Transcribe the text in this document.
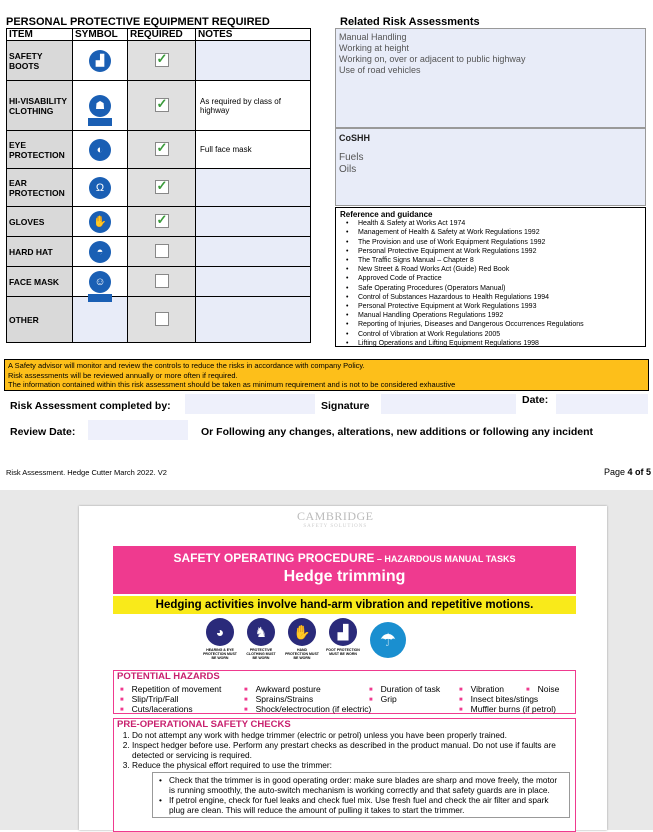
PERSONAL PROTECTIVE EQUIPMENT REQUIRED
ITEM	SYMBOL	REQUIRED	NOTES
SAFETY BOOTS	▟	✓	
HI-VISABILITY CLOTHING	☗	✓	As required by class of highway
EYE PROTECTION	◐	✓	Full face mask
EAR PROTECTION	Ω	✓	
GLOVES	✋	✓	
HARD HAT	◓		
FACE MASK	☺		
OTHER			
Related Risk Assessments
Manual Handling
Working at height
Working on, over or adjacent to public highway
Use of road vehicles
CoSHH
Fuels
Oils
Reference and guidance
• Health & Safety at Works Act 1974
• Management of Health & Safety at Work Regulations 1992
• The Provision and use of Work Equipment Regulations 1992
• Personal Protective Equipment at Work Regulations 1992
• The Traffic Signs Manual – Chapter 8
• New Street & Road Works Act (Guide) Red Book
• Approved Code of Practice
• Safe Operating Procedures (Operators Manual)
• Control of Substances Hazardous to Health Regulations 1994
• Personal Protective Equipment at Work Regulations 1993
• Manual Handling Operations Regulations 1992
• Reporting of Injuries, Diseases and Dangerous Occurrences Regulations
• Control of Vibration at Work Regulations 2005
• Lifting Operations and Lifting Equipment Regulations 1998
A Safety advisor will monitor and review the controls to reduce the risks in accordance with company Policy.
Risk assessments will be reviewed annually or more often if required.
The information contained within this risk assessment should be taken as minimum requirement and is not to be considered exhaustive
Risk Assessment completed by:	Signature	Date:
Review Date:	Or Following any changes, alterations, new additions or following any incident
Risk Assessment. Hedge Cutter March 2022. V2	Page 4 of 5
CAMBRIDGE
SAFETY SOLUTIONS
SAFETY OPERATING PROCEDURE – HAZARDOUS MANUAL TASKS
Hedge trimming
Hedging activities involve hand-arm vibration and repetitive motions.
◕
HEARING & EYE PROTECTION MUST BE WORN
♞
PROTECTIVE CLOTHING MUST BE WORN
✋
HAND PROTECTION MUST BE WORN
▟
FOOT PROTECTION MUST BE WORN
☂
POTENTIAL HAZARDS
■ Repetition of movement	■ Awkward posture	■ Duration of task	■ Vibration	■ Noise
■ Slip/Trip/Fall	■ Sprains/Strains	■ Grip	■ Insect bites/stings
■ Cuts/lacerations	■ Shock/electrocution (if electric)	■ Muffler burns (if petrol)
PRE-OPERATIONAL SAFETY CHECKS
1. Do not attempt any work with hedge trimmer (electric or petrol) unless you have been properly trained.
2. Inspect hedger before use. Perform any prestart checks as described in the product manual. Do not use if faults are detected or servicing is required.
3. Reduce the physical effort required to use the trimmer:
• Check that the trimmer is in good operating order: make sure blades are sharp and move freely, the motor is running smoothly, the auto-switch mechanism is working correctly and that safety guards are in place.
• If petrol engine, check for fuel leaks and check fuel mix. Use fresh fuel and check the air filter and spark plug are clean. This will reduce the amount of pulling it takes to start the trimmer.
